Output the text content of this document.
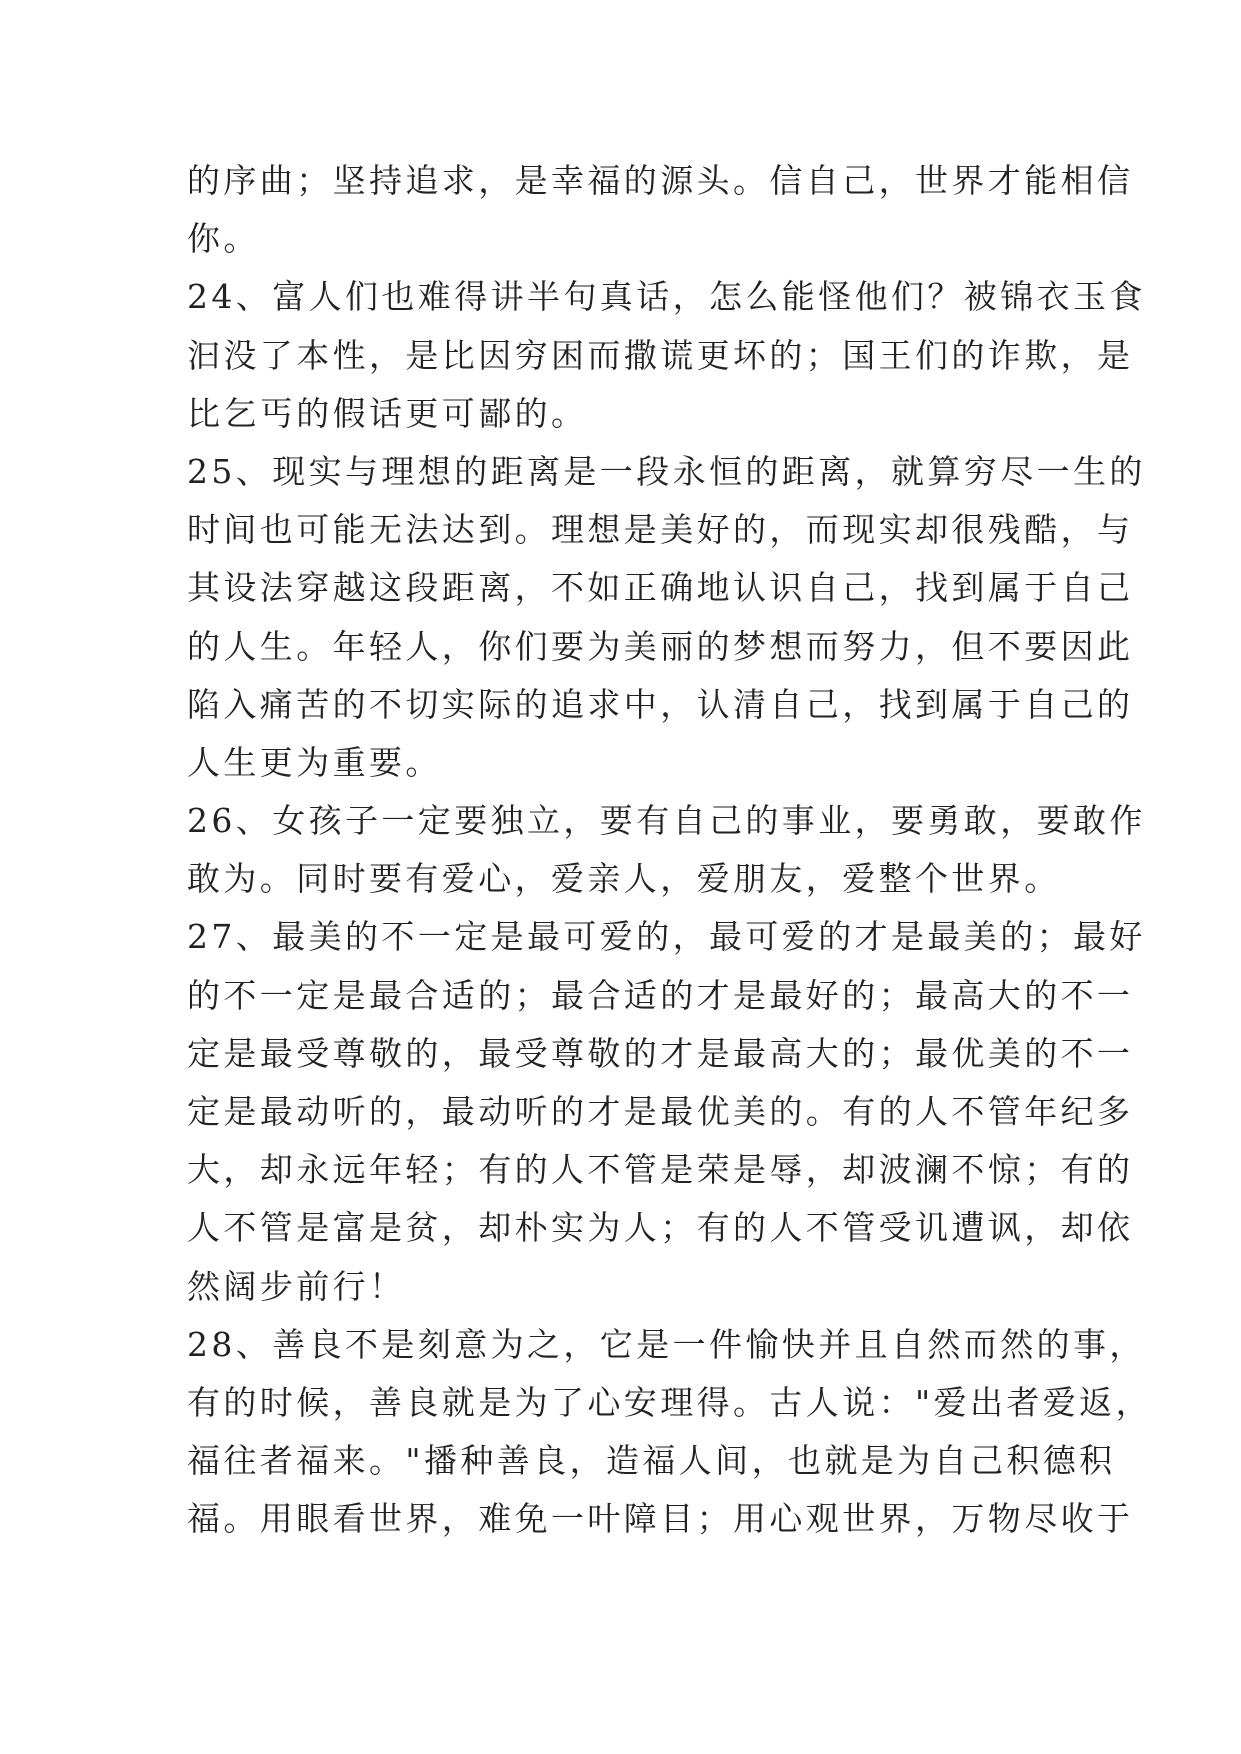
的序曲；坚持追求，是幸福的源头。信自己，世界才能相信
你。
24、富人们也难得讲半句真话，怎么能怪他们？被锦衣玉食
汩没了本性，是比因穷困而撒谎更坏的；国王们的诈欺，是
比乞丐的假话更可鄙的。
25、现实与理想的距离是一段永恒的距离，就算穷尽一生的
时间也可能无法达到。理想是美好的，而现实却很残酷，与
其设法穿越这段距离，不如正确地认识自己，找到属于自己
的人生。年轻人，你们要为美丽的梦想而努力，但不要因此
陷入痛苦的不切实际的追求中，认清自己，找到属于自己的
人生更为重要。
26、女孩子一定要独立，要有自己的事业，要勇敢，要敢作
敢为。同时要有爱心，爱亲人，爱朋友，爱整个世界。
27、最美的不一定是最可爱的，最可爱的才是最美的；最好
的不一定是最合适的；最合适的才是最好的；最高大的不一
定是最受尊敬的，最受尊敬的才是最高大的；最优美的不一
定是最动听的，最动听的才是最优美的。有的人不管年纪多
大，却永远年轻；有的人不管是荣是辱，却波澜不惊；有的
人不管是富是贫，却朴实为人；有的人不管受讥遭讽，却依
然阔步前行！
28、善良不是刻意为之，它是一件愉快并且自然而然的事，
有的时候，善良就是为了心安理得。古人说："爱出者爱返，
福往者福来。"播种善良，造福人间，也就是为自己积德积
福。用眼看世界，难免一叶障目；用心观世界，万物尽收于
